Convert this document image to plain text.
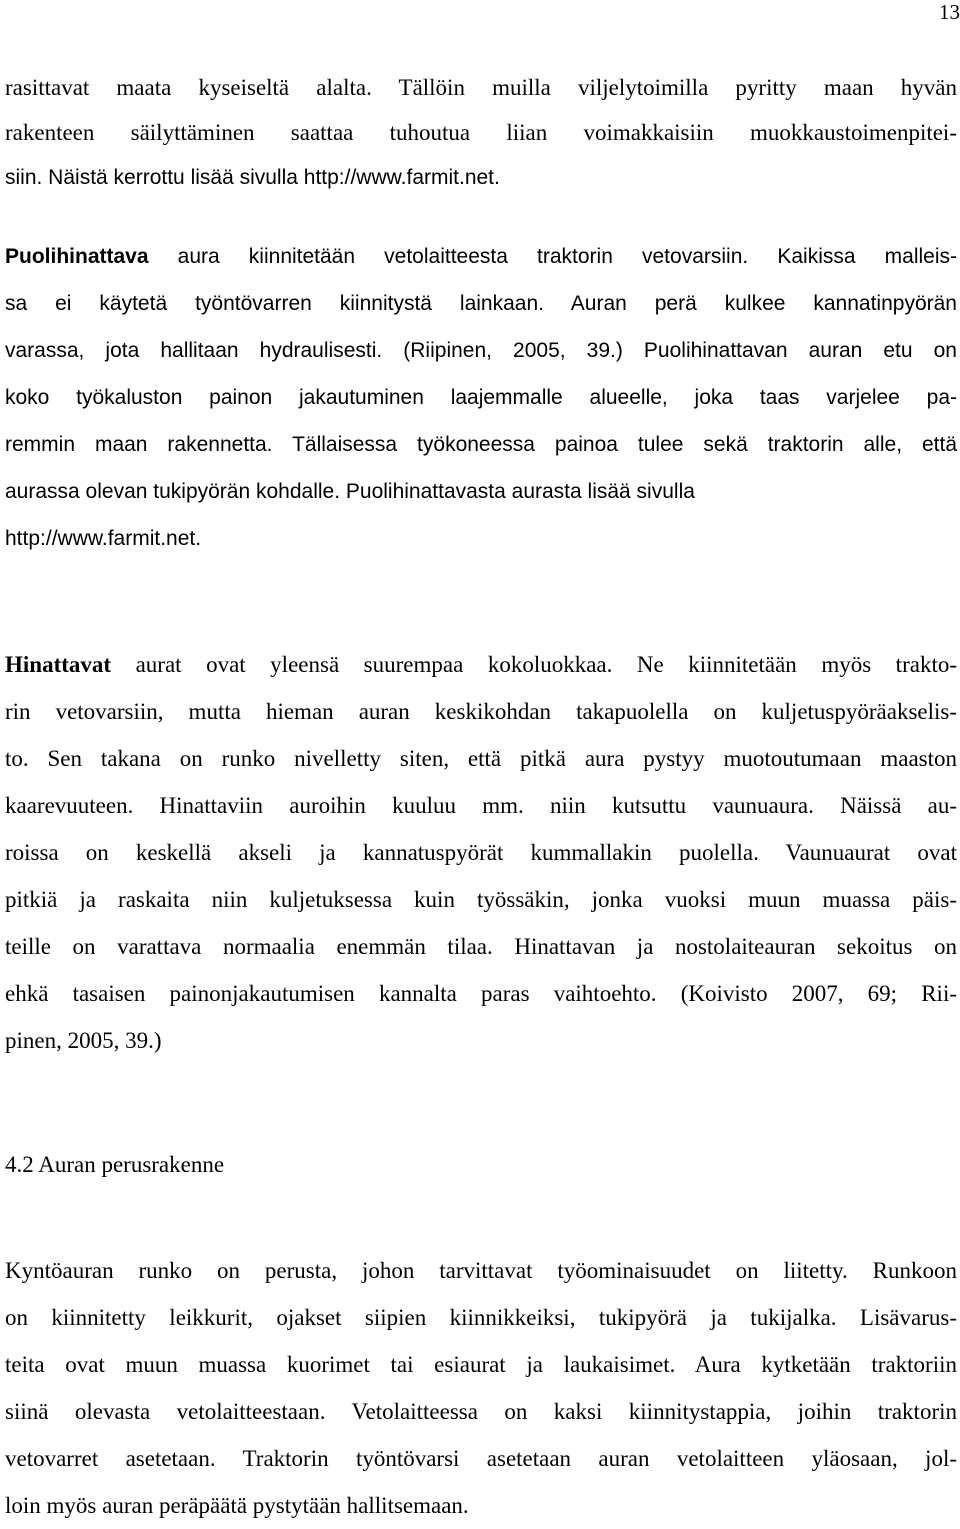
13
rasittavat maata kyseiseltä alalta. Tällöin muilla viljelytoimilla pyritty maan hyvän
rakenteen säilyttäminen saattaa tuhoutua liian voimakkaisiin muokkaustoimenpitei-
siin. Näistä kerrottu lisää sivulla http://www.farmit.net.
Puolihinattava aura kiinnitetään vetolaitteesta traktorin vetovarsiin. Kaikissa malleis-
sa ei käytetä työntövarren kiinnitystä lainkaan. Auran perä kulkee kannatinpyörän
varassa, jota hallitaan hydraulisesti. (Riipinen, 2005, 39.) Puolihinattavan auran etu on
koko työkaluston painon jakautuminen laajemmalle alueelle, joka taas varjelee pa-
remmin maan rakennetta. Tällaisessa työkoneessa painoa tulee sekä traktorin alle, että
aurassa olevan tukipyörän kohdalle. Puolihinattavasta aurasta lisää sivulla
http://www.farmit.net.
Hinattavat aurat ovat yleensä suurempaa kokoluokkaa. Ne kiinnitetään myös trakto-
rin vetovarsiin, mutta hieman auran keskikohdan takapuolella on kuljetuspyöräakselis-
to. Sen takana on runko nivelletty siten, että pitkä aura pystyy muotoutumaan maaston
kaarevuuteen. Hinattaviin auroihin kuuluu mm. niin kutsuttu vaunuaura. Näissä au-
roissa on keskellä akseli ja kannatuspyörät kummallakin puolella. Vaunuaurat ovat
pitkiä ja raskaita niin kuljetuksessa kuin työssäkin, jonka vuoksi muun muassa päis-
teille on varattava normaalia enemmän tilaa. Hinattavan ja nostolaiteauran sekoitus on
ehkä tasaisen painonjakautumisen kannalta paras vaihtoehto. (Koivisto 2007, 69; Rii-
pinen, 2005, 39.)
4.2 Auran perusrakenne
Kyntöauran runko on perusta, johon tarvittavat työominaisuudet on liitetty. Runkoon
on kiinnitetty leikkurit, ojakset siipien kiinnikkeiksi, tukipyörä ja tukijalka. Lisävarus-
teita ovat muun muassa kuorimet tai esiaurat ja laukaisimet. Aura kytketään traktoriin
siinä olevasta vetolaitteestaan. Vetolaitteessa on kaksi kiinnitystappia, joihin traktorin
vetovarret asetetaan. Traktorin työntövarsi asetetaan auran vetolaitteen yläosaan, jol-
loin myös auran peräpäätä pystytään hallitsemaan.
